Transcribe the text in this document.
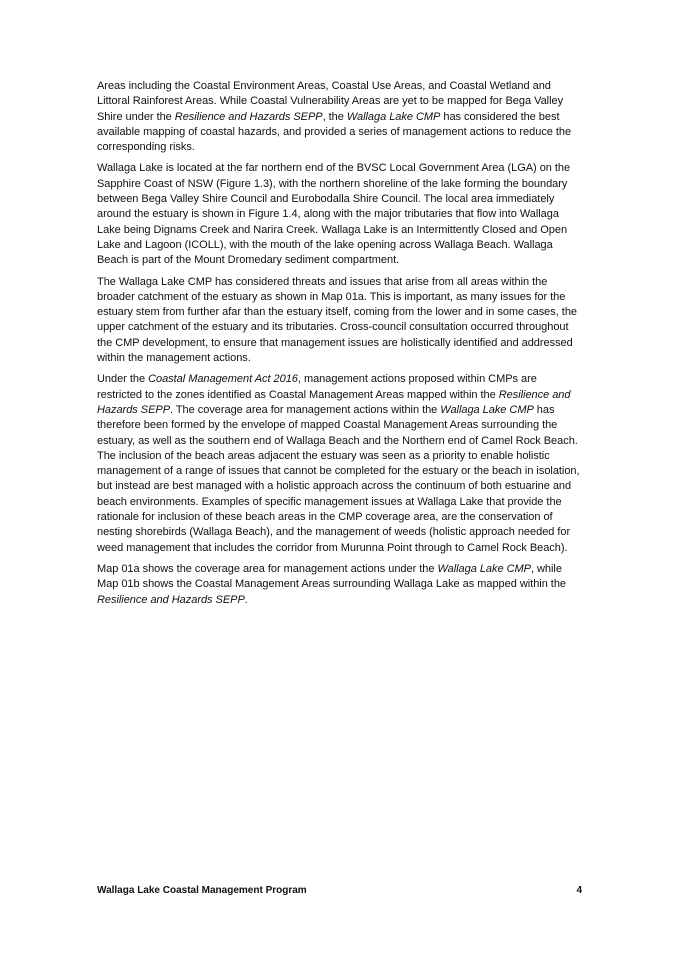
Areas including the Coastal Environment Areas, Coastal Use Areas, and Coastal Wetland and Littoral Rainforest Areas. While Coastal Vulnerability Areas are yet to be mapped for Bega Valley Shire under the Resilience and Hazards SEPP, the Wallaga Lake CMP has considered the best available mapping of coastal hazards, and provided a series of management actions to reduce the corresponding risks.

Wallaga Lake is located at the far northern end of the BVSC Local Government Area (LGA) on the Sapphire Coast of NSW (Figure 1.3), with the northern shoreline of the lake forming the boundary between Bega Valley Shire Council and Eurobodalla Shire Council. The local area immediately around the estuary is shown in Figure 1.4, along with the major tributaries that flow into Wallaga Lake being Dignams Creek and Narira Creek. Wallaga Lake is an Intermittently Closed and Open Lake and Lagoon (ICOLL), with the mouth of the lake opening across Wallaga Beach. Wallaga Beach is part of the Mount Dromedary sediment compartment.

The Wallaga Lake CMP has considered threats and issues that arise from all areas within the broader catchment of the estuary as shown in Map 01a. This is important, as many issues for the estuary stem from further afar than the estuary itself, coming from the lower and in some cases, the upper catchment of the estuary and its tributaries. Cross-council consultation occurred throughout the CMP development, to ensure that management issues are holistically identified and addressed within the management actions.

Under the Coastal Management Act 2016, management actions proposed within CMPs are restricted to the zones identified as Coastal Management Areas mapped within the Resilience and Hazards SEPP. The coverage area for management actions within the Wallaga Lake CMP has therefore been formed by the envelope of mapped Coastal Management Areas surrounding the estuary, as well as the southern end of Wallaga Beach and the Northern end of Camel Rock Beach. The inclusion of the beach areas adjacent the estuary was seen as a priority to enable holistic management of a range of issues that cannot be completed for the estuary or the beach in isolation, but instead are best managed with a holistic approach across the continuum of both estuarine and beach environments. Examples of specific management issues at Wallaga Lake that provide the rationale for inclusion of these beach areas in the CMP coverage area, are the conservation of nesting shorebirds (Wallaga Beach), and the management of weeds (holistic approach needed for weed management that includes the corridor from Murunna Point through to Camel Rock Beach).

Map 01a shows the coverage area for management actions under the Wallaga Lake CMP, while Map 01b shows the Coastal Management Areas surrounding Wallaga Lake as mapped within the Resilience and Hazards SEPP.

Wallaga Lake Coastal Management Program	4
